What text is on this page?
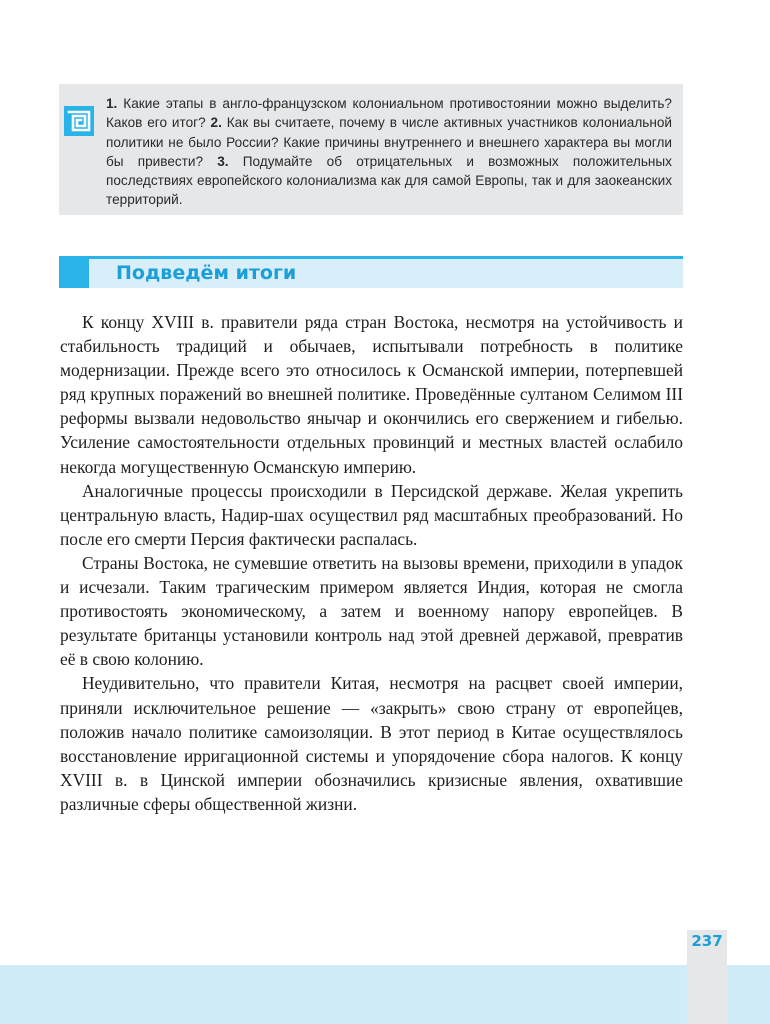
1. Какие этапы в англо-французском колониальном противостоянии можно выделить? Каков его итог? 2. Как вы считаете, почему в числе активных участников колониальной политики не было России? Какие причины внутреннего и внешнего характера вы могли бы привести? 3. Подумайте об отрицательных и возможных положительных последствиях европейского колониализма как для самой Европы, так и для заокеанских территорий.

Подведём итоги

К концу XVIII в. правители ряда стран Востока, несмотря на устойчивость и стабильность традиций и обычаев, испытывали потребность в политике модернизации. Прежде всего это относилось к Османской империи, потерпевшей ряд крупных поражений во внешней политике. Проведённые султаном Селимом III реформы вызвали недовольство янычар и окончились его свержением и гибелью. Усиление самостоятельности отдельных провинций и местных властей ослабило некогда могущественную Османскую империю.

Аналогичные процессы происходили в Персидской державе. Желая укрепить центральную власть, Надир-шах осуществил ряд масштабных преобразований. Но после его смерти Персия фактически распалась.

Страны Востока, не сумевшие ответить на вызовы времени, приходили в упадок и исчезали. Таким трагическим примером является Индия, которая не смогла противостоять экономическому, а затем и военному напору европейцев. В результате британцы установили контроль над этой древней державой, превратив её в свою колонию.

Неудивительно, что правители Китая, несмотря на расцвет своей империи, приняли исключительное решение — «закрыть» свою страну от европейцев, положив начало политике самоизоляции. В этот период в Китае осуществлялось восстановление ирригационной системы и упорядочение сбора налогов. К концу XVIII в. в Цинской империи обозначились кризисные явления, охватившие различные сферы общественной жизни.

237
